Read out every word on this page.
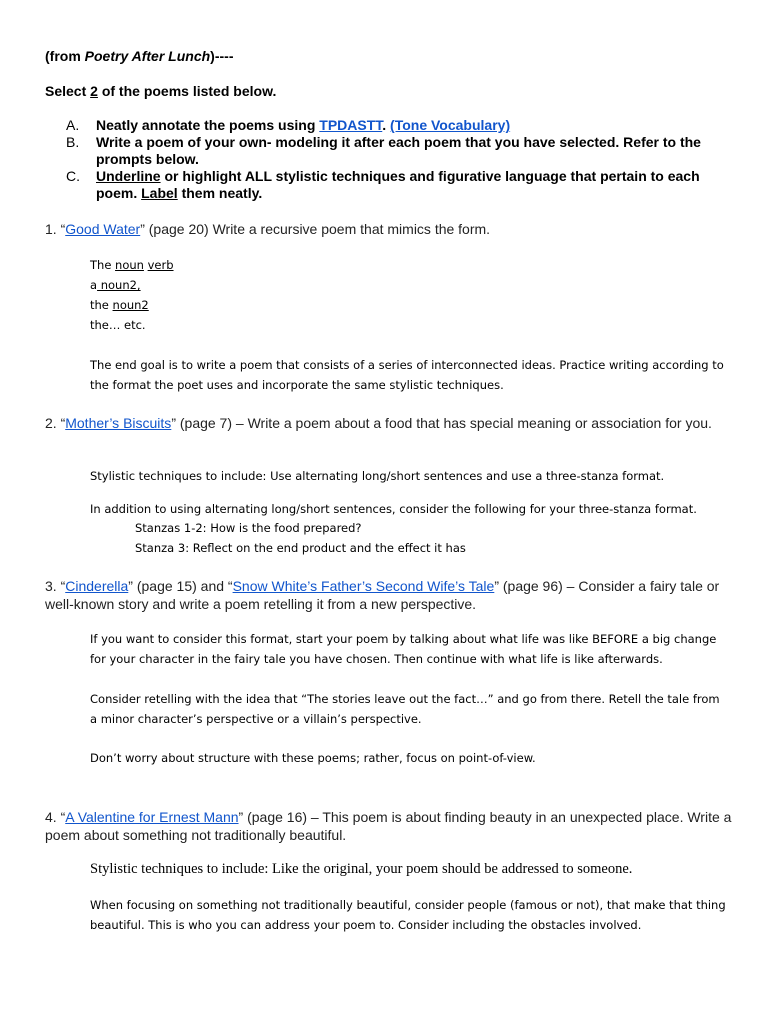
(from Poetry After Lunch)----

Select 2 of the poems listed below.

A. Neatly annotate the poems using TPDASTT. (Tone Vocabulary)
B. Write a poem of your own- modeling it after each poem that you have selected. Refer to the prompts below.
C. Underline or highlight ALL stylistic techniques and figurative language that pertain to each poem. Label them neatly.

1. “Good Water” (page 20) Write a recursive poem that mimics the form.

The noun verb
a noun2,
the noun2
the… etc.

The end goal is to write a poem that consists of a series of interconnected ideas. Practice writing according to the format the poet uses and incorporate the same stylistic techniques.

2. “Mother’s Biscuits” (page 7) – Write a poem about a food that has special meaning or association for you.

Stylistic techniques to include: Use alternating long/short sentences and use a three-stanza format.

In addition to using alternating long/short sentences, consider the following for your three-stanza format.

Stanzas 1-2: How is the food prepared?

Stanza 3: Reflect on the end product and the effect it has

3. “Cinderella” (page 15) and “Snow White’s Father’s Second Wife’s Tale” (page 96) – Consider a fairy tale or well-known story and write a poem retelling it from a new perspective.

If you want to consider this format, start your poem by talking about what life was like BEFORE a big change for your character in the fairy tale you have chosen. Then continue with what life is like afterwards.

Consider retelling with the idea that “The stories leave out the fact…” and go from there. Retell the tale from a minor character’s perspective or a villain’s perspective.

Don’t worry about structure with these poems; rather, focus on point-of-view.

4. “A Valentine for Ernest Mann” (page 16) – This poem is about finding beauty in an unexpected place. Write a poem about something not traditionally beautiful.

Stylistic techniques to include: Like the original, your poem should be addressed to someone.

When focusing on something not traditionally beautiful, consider people (famous or not), that make that thing beautiful. This is who you can address your poem to. Consider including the obstacles involved.
